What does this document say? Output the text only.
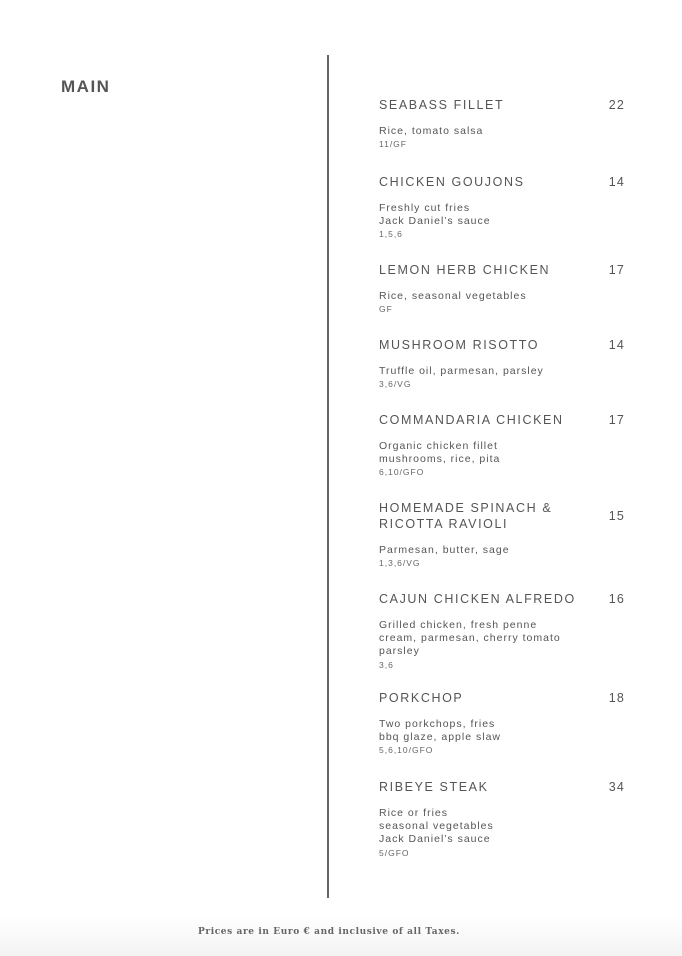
MAIN
SEABASS FILLET	22
Rice, tomato salsa
11/GF
CHICKEN GOUJONS	14
Freshly cut fries
Jack Daniel’s sauce
1,5,6
LEMON HERB CHICKEN	17
Rice, seasonal vegetables
GF
MUSHROOM RISOTTO	14
Truffle oil, parmesan, parsley
3,6/VG
COMMANDARIA CHICKEN	17
Organic chicken fillet
mushrooms, rice, pita
6,10/GFO
HOMEMADE SPINACH & RICOTTA RAVIOLI
15
Parmesan, butter, sage
1,3,6/VG
CAJUN CHICKEN ALFREDO	16
Grilled chicken, fresh penne
cream, parmesan, cherry tomato
parsley
3,6
PORKCHOP	18
Two porkchops, fries
bbq glaze, apple slaw
5,6,10/GFO
RIBEYE STEAK	34
Rice or fries
seasonal vegetables
Jack Daniel’s sauce
5/GFO
Prices are in Euro € and inclusive of all Taxes.
